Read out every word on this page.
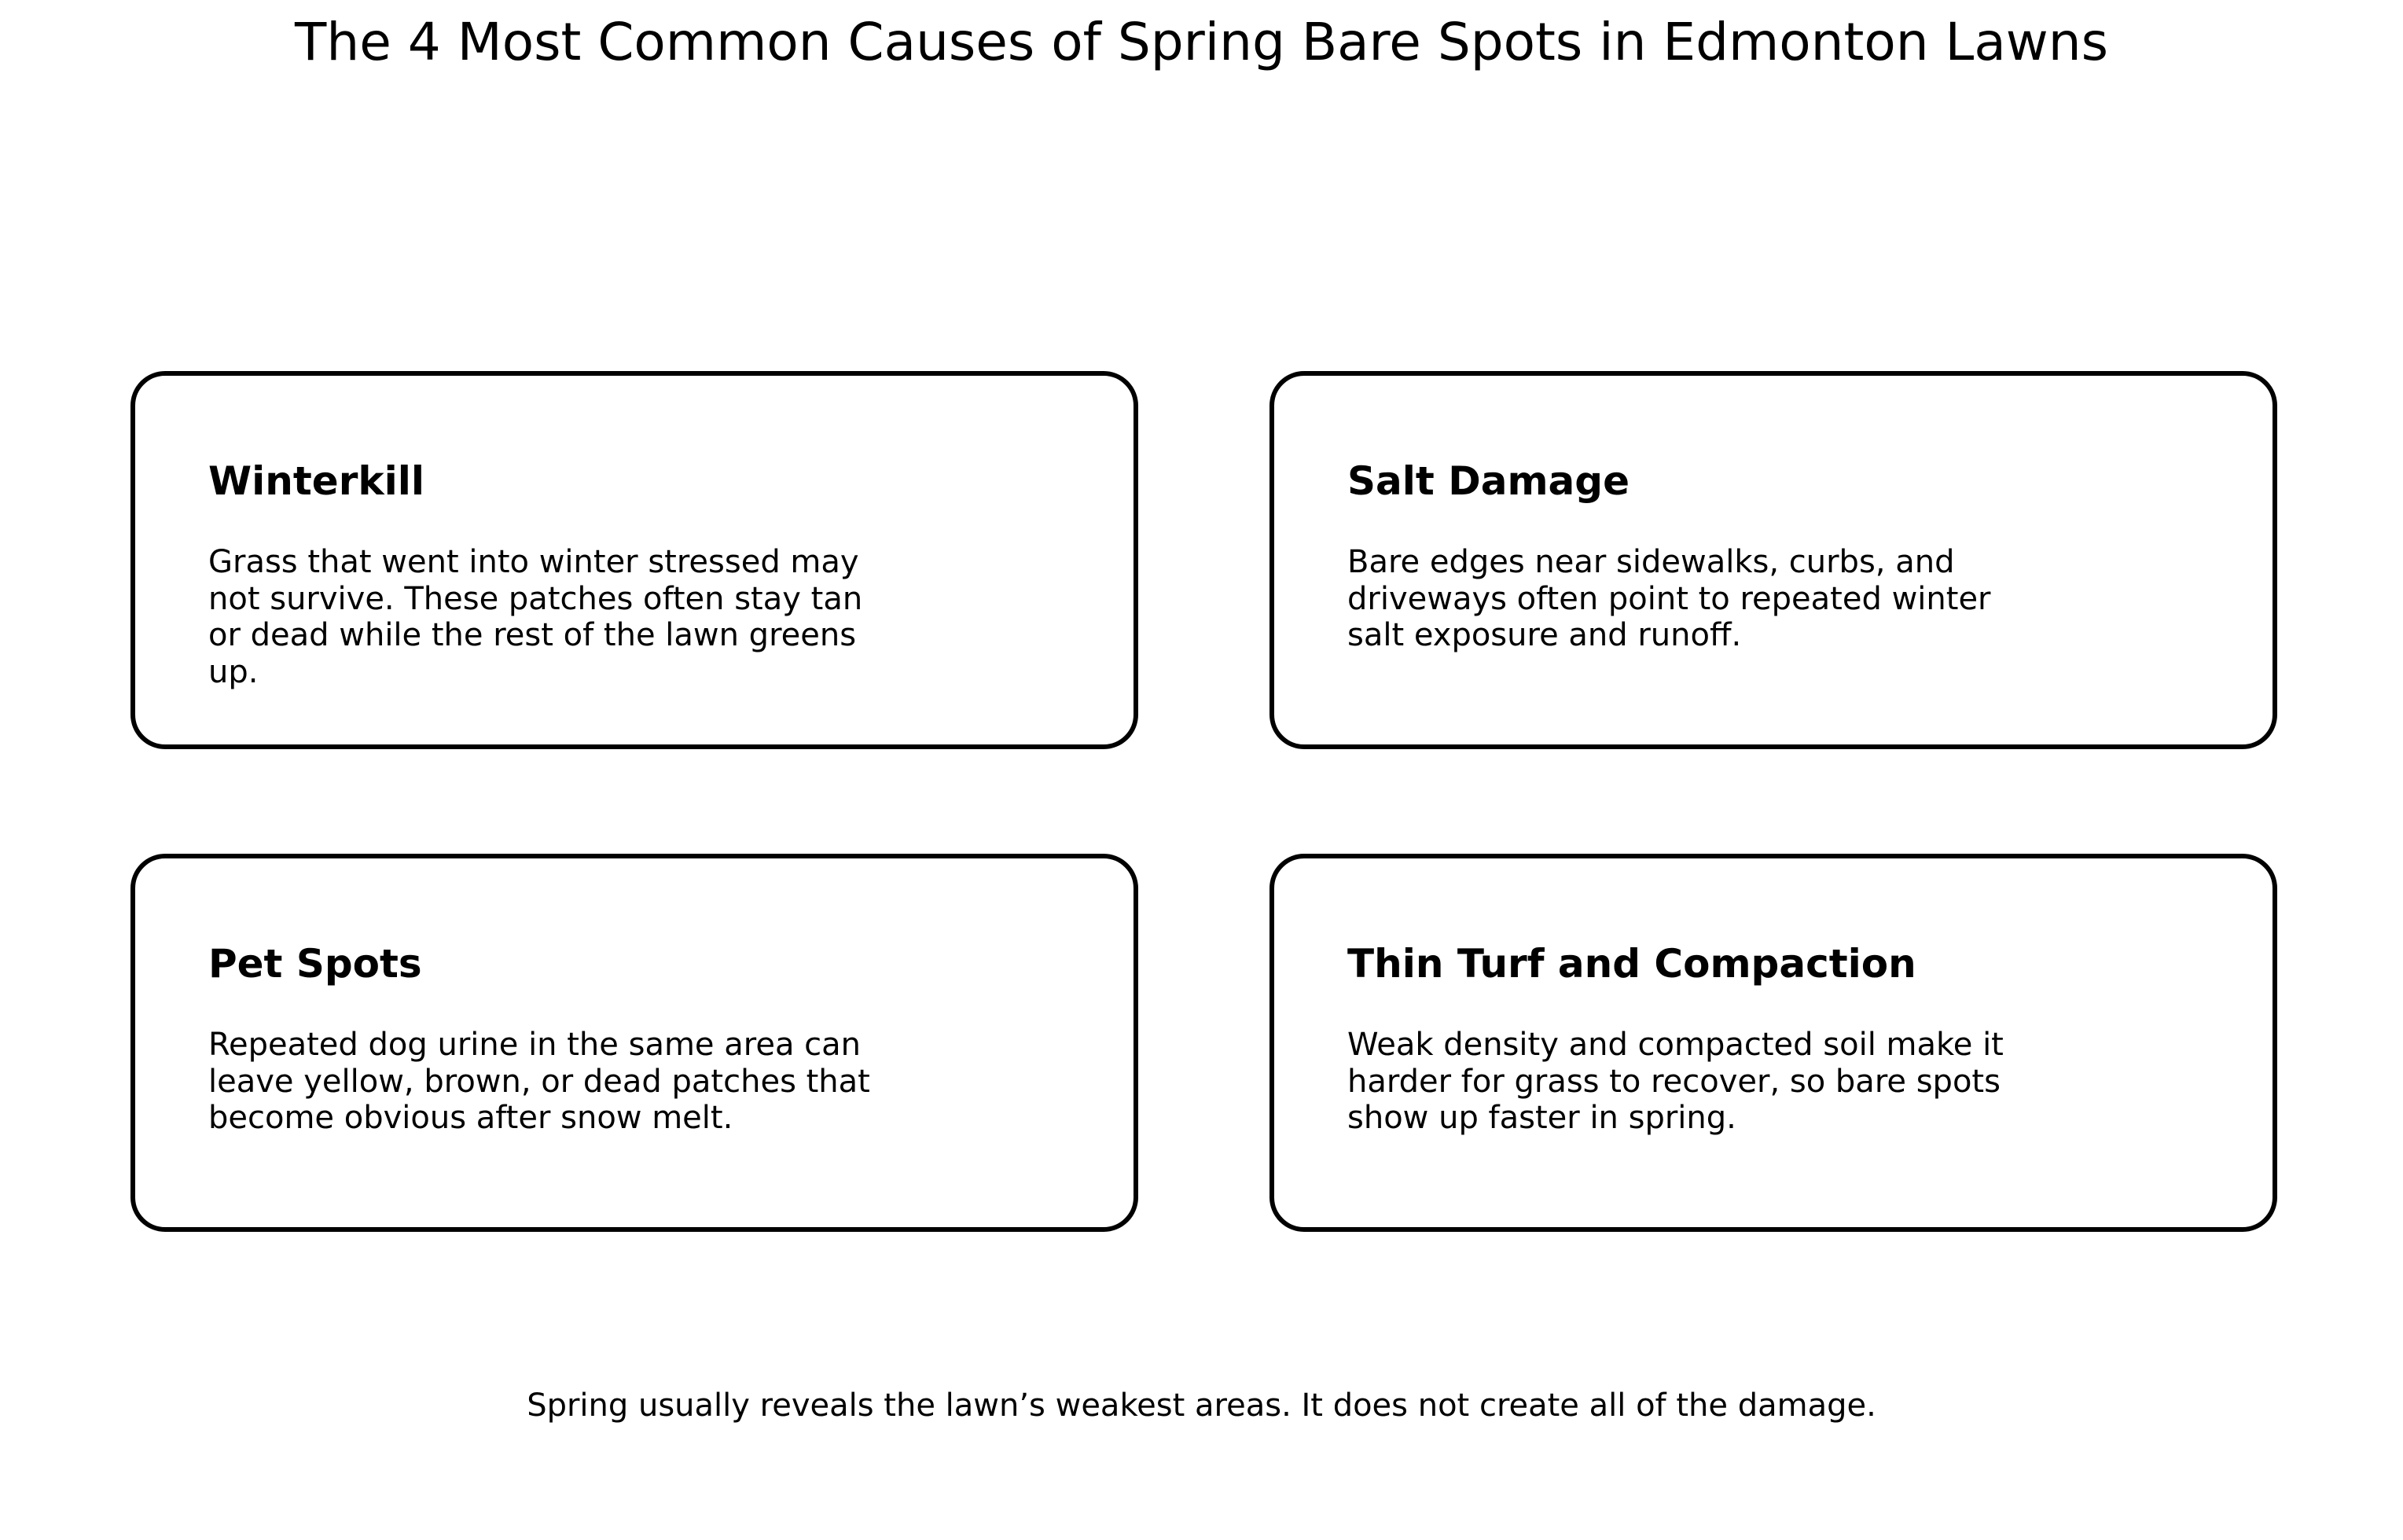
The 4 Most Common Causes of Spring Bare Spots in Edmonton Lawns
Winterkill
Grass that went into winter stressed may
not survive. These patches often stay tan
or dead while the rest of the lawn greens
up.
Salt Damage
Bare edges near sidewalks, curbs, and
driveways often point to repeated winter
salt exposure and runoff.
Pet Spots
Repeated dog urine in the same area can
leave yellow, brown, or dead patches that
become obvious after snow melt.
Thin Turf and Compaction
Weak density and compacted soil make it
harder for grass to recover, so bare spots
show up faster in spring.
Spring usually reveals the lawn’s weakest areas. It does not create all of the damage.
